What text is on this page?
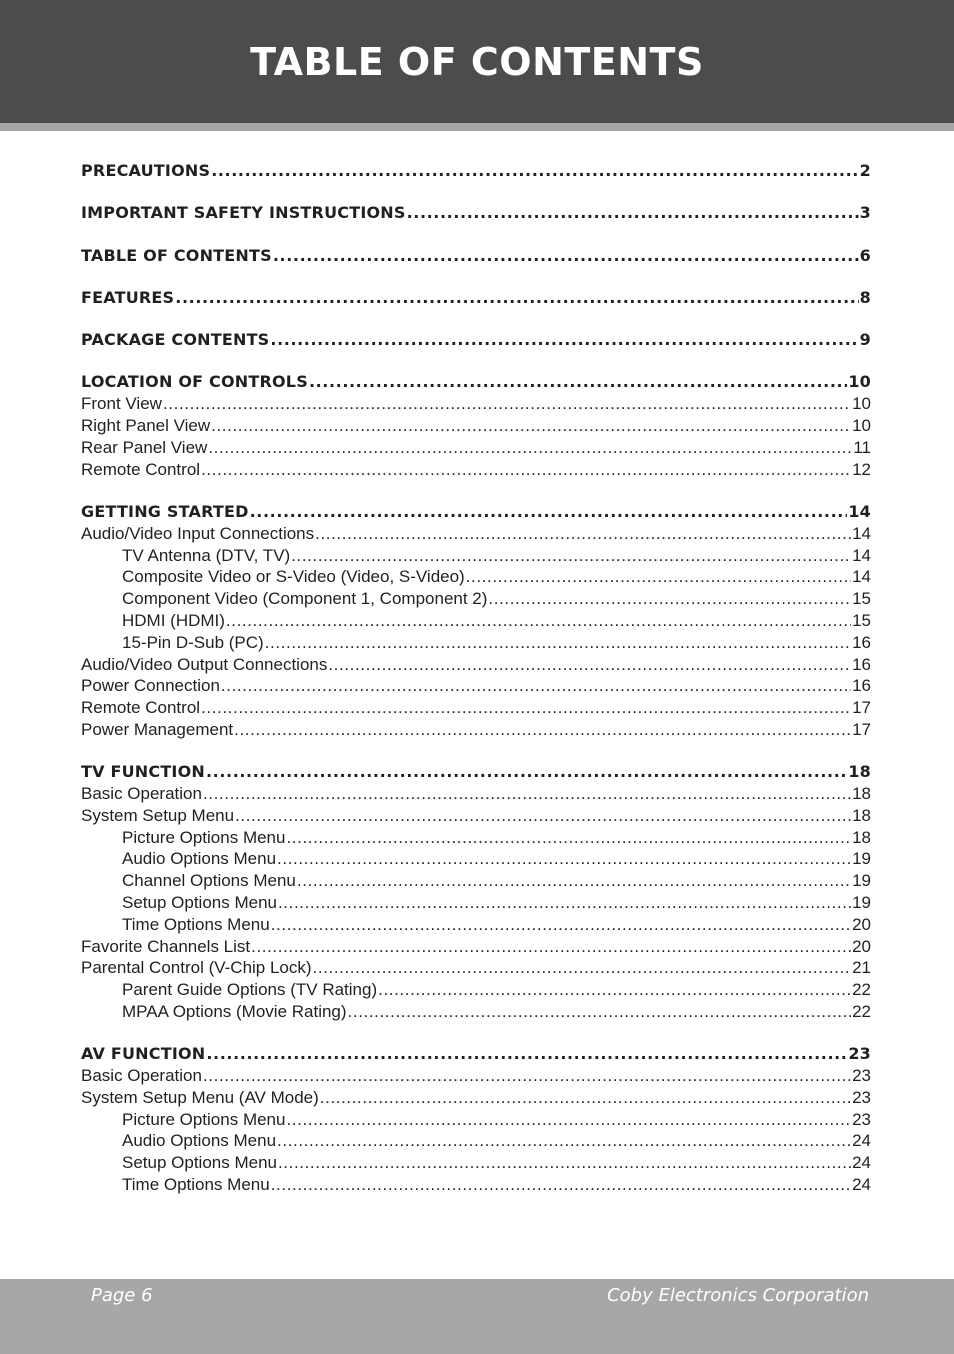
TABLE OF CONTENTS
PRECAUTIONS .....	2
IMPORTANT SAFETY INSTRUCTIONS .....	3
TABLE OF CONTENTS .....	6
FEATURES .....	8
PACKAGE CONTENTS .....	9
LOCATION OF CONTROLS .....	10
Front View .....	10
Right Panel View .....	10
Rear Panel View .....	11
Remote Control .....	12
GETTING STARTED .....	14
Audio/Video Input Connections .....	14
TV Antenna (DTV, TV) .....	14
Composite Video or S-Video (Video, S-Video) .....	14
Component Video (Component 1, Component 2) .....	15
HDMI (HDMI) .....	15
15-Pin D-Sub (PC) .....	16
Audio/Video Output Connections .....	16
Power Connection .....	16
Remote Control .....	17
Power Management .....	17
TV FUNCTION .....	18
Basic Operation .....	18
System Setup Menu .....	18
Picture Options Menu .....	18
Audio Options Menu .....	19
Channel Options Menu .....	19
Setup Options Menu .....	19
Time Options Menu .....	20
Favorite Channels List .....	20
Parental Control (V-Chip Lock) .....	21
Parent Guide Options (TV Rating) .....	22
MPAA Options (Movie Rating) .....	22
AV FUNCTION .....	23
Basic Operation .....	23
System Setup Menu (AV Mode) .....	23
Picture Options Menu .....	23
Audio Options Menu .....	24
Setup Options Menu .....	24
Time Options Menu .....	24
Page 6	Coby Electronics Corporation
